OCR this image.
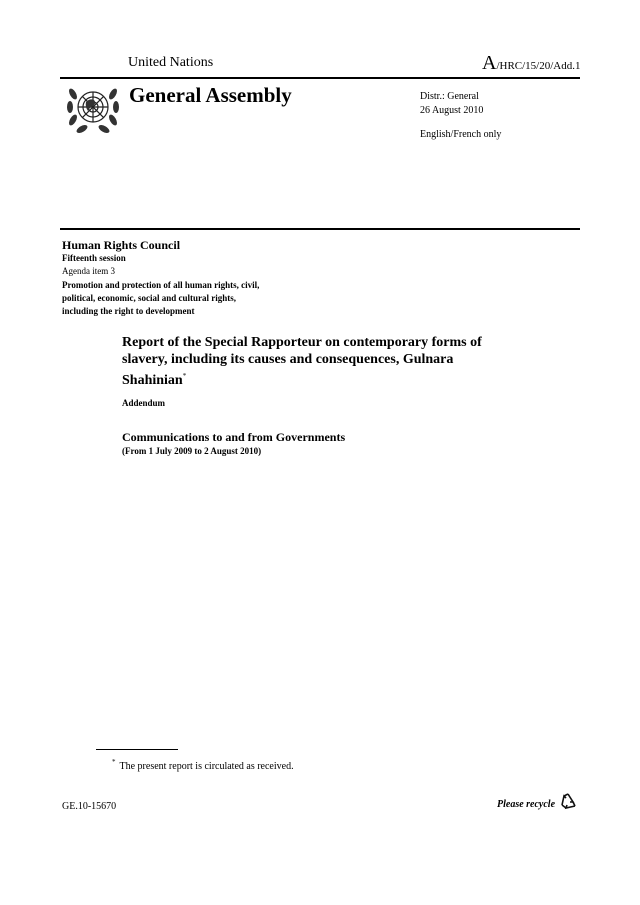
United Nations	A/HRC/15/20/Add.1
General Assembly	Distr.: General
26 August 2010
English/French only
Human Rights Council
Fifteenth session
Agenda item 3
Promotion and protection of all human rights, civil,
political, economic, social and cultural rights,
including the right to development
Report of the Special Rapporteur on contemporary forms of
slavery, including its causes and consequences, Gulnara
Shahinian*
Addendum
Communications to and from Governments
(From 1 July 2009 to 2 August 2010)
* The present report is circulated as received.
GE.10-15670	Please recycle
